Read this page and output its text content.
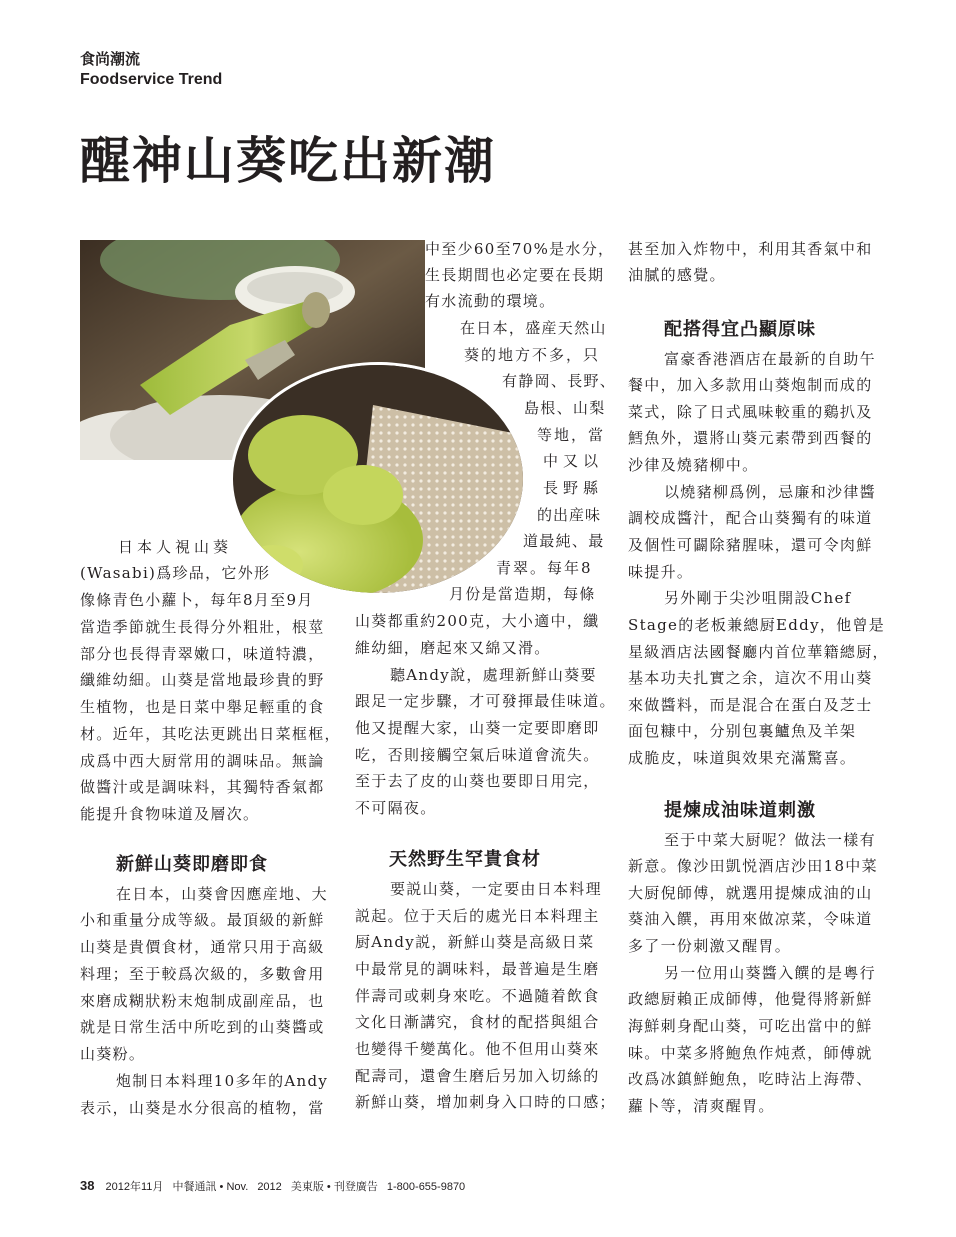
食尚潮流
Foodservice Trend
醒神山葵吃出新潮
日本人視山葵
(Wasabi)爲珍品，它外形
像條青色小蘿卜，每年8月至9月
當造季節就生長得分外粗壯，根莖
部分也長得青翠嫩口，味道特濃，
纖維幼細。山葵是當地最珍貴的野
生植物，也是日菜中舉足輕重的食
材。近年，其吃法更跳出日菜框框，
成爲中西大厨常用的調味品。無論
做醬汁或是調味料，其獨特香氣都
能提升食物味道及層次。
新鮮山葵即磨即食
在日本，山葵會因應産地、大
小和重量分成等級。最頂級的新鮮
山葵是貴價食材，通常只用于高級
料理；至于較爲次級的，多數會用
來磨成糊狀粉末炮制成副産品，也
就是日常生活中所吃到的山葵醬或
山葵粉。
炮制日本料理10多年的Andy
表示，山葵是水分很高的植物，當
中至少60至70%是水分，
生長期間也必定要在長期
有水流動的環境。
在日本，盛産天然山
葵的地方不多，只
有静岡、長野、
島根、山梨
等地，當
中又以
長野縣
的出産味
道最純、最
青翠。每年8
月份是當造期，每條
山葵都重約200克，大小適中，纖
維幼細，磨起來又綿又滑。
聽Andy說，處理新鮮山葵要
跟足一定步驟，才可發揮最佳味道。
他又提醒大家，山葵一定要即磨即
吃，否則接觸空氣后味道會流失。
至于去了皮的山葵也要即日用完，
不可隔夜。
天然野生罕貴食材
要説山葵，一定要由日本料理
説起。位于天后的處光日本料理主
厨Andy説，新鮮山葵是高級日菜
中最常見的調味料，最普遍是生磨
伴壽司或刺身來吃。不過隨着飲食
文化日漸講究，食材的配搭與組合
也變得千變萬化。他不但用山葵來
配壽司，還會生磨后另加入切絲的
新鮮山葵，增加刺身入口時的口感；
甚至加入炸物中，利用其香氣中和
油膩的感覺。
配搭得宜凸顯原味
富豪香港酒店在最新的自助午
餐中，加入多款用山葵炮制而成的
菜式，除了日式風味較重的鷄扒及
鱈魚外，還將山葵元素帶到西餐的
沙律及燒豬柳中。
以燒豬柳爲例，忌廉和沙律醬
調校成醬汁，配合山葵獨有的味道
及個性可闢除豬腥味，還可令肉鮮
味提升。
另外剛于尖沙咀開設Chef
Stage的老板兼總厨Eddy，他曾是
星級酒店法國餐廳内首位華籍總厨，
基本功夫扎實之余，這次不用山葵
來做醬料，而是混合在蛋白及芝士
面包糠中，分别包裏鱸魚及羊架
成脆皮，味道與效果充滿驚喜。
提煉成油味道刺激
至于中菜大厨呢？做法一樣有
新意。像沙田凱悦酒店沙田18中菜
大厨倪師傅，就選用提煉成油的山
葵油入饌，再用來做凉菜，令味道
多了一份刺激又醒胃。
另一位用山葵醬入饌的是粵行
政總厨賴正成師傅，他覺得將新鮮
海鮮刺身配山葵，可吃出當中的鮮
味。中菜多將鮑魚作炖煮，師傅就
改爲冰鎮鮮鮑魚，吃時沾上海帶、
蘿卜等，清爽醒胃。
38 2012年11月 中餐通訊 • Nov. 2012 美東版 • 刊登廣告 1-800-655-9870
